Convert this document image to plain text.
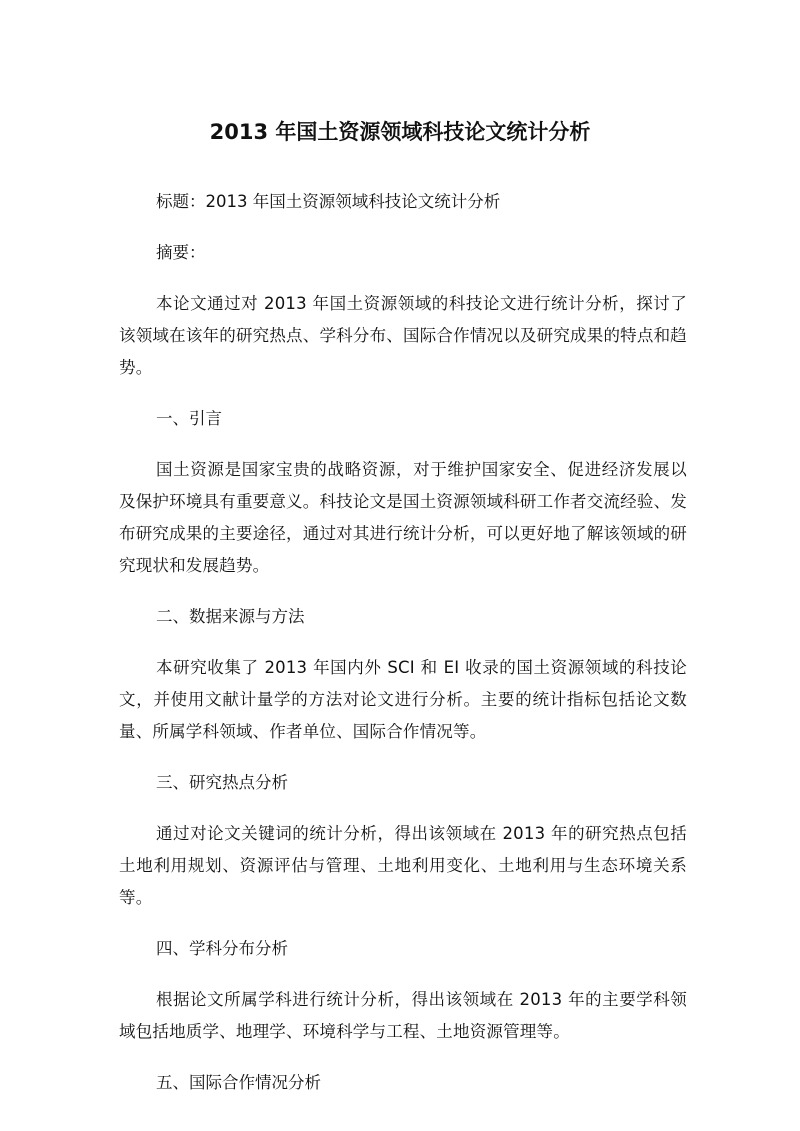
2013 年国土资源领域科技论文统计分析

标题：2013 年国土资源领域科技论文统计分析

摘要：

本论文通过对 2013 年国土资源领域的科技论文进行统计分析，探讨了该领域在该年的研究热点、学科分布、国际合作情况以及研究成果的特点和趋势。

一、引言

国土资源是国家宝贵的战略资源，对于维护国家安全、促进经济发展以及保护环境具有重要意义。科技论文是国土资源领域科研工作者交流经验、发布研究成果的主要途径，通过对其进行统计分析，可以更好地了解该领域的研究现状和发展趋势。

二、数据来源与方法

本研究收集了 2013 年国内外 SCI 和 EI 收录的国土资源领域的科技论文，并使用文献计量学的方法对论文进行分析。主要的统计指标包括论文数量、所属学科领域、作者单位、国际合作情况等。

三、研究热点分析

通过对论文关键词的统计分析，得出该领域在 2013 年的研究热点包括土地利用规划、资源评估与管理、土地利用变化、土地利用与生态环境关系等。

四、学科分布分析

根据论文所属学科进行统计分析，得出该领域在 2013 年的主要学科领域包括地质学、地理学、环境科学与工程、土地资源管理等。

五、国际合作情况分析
